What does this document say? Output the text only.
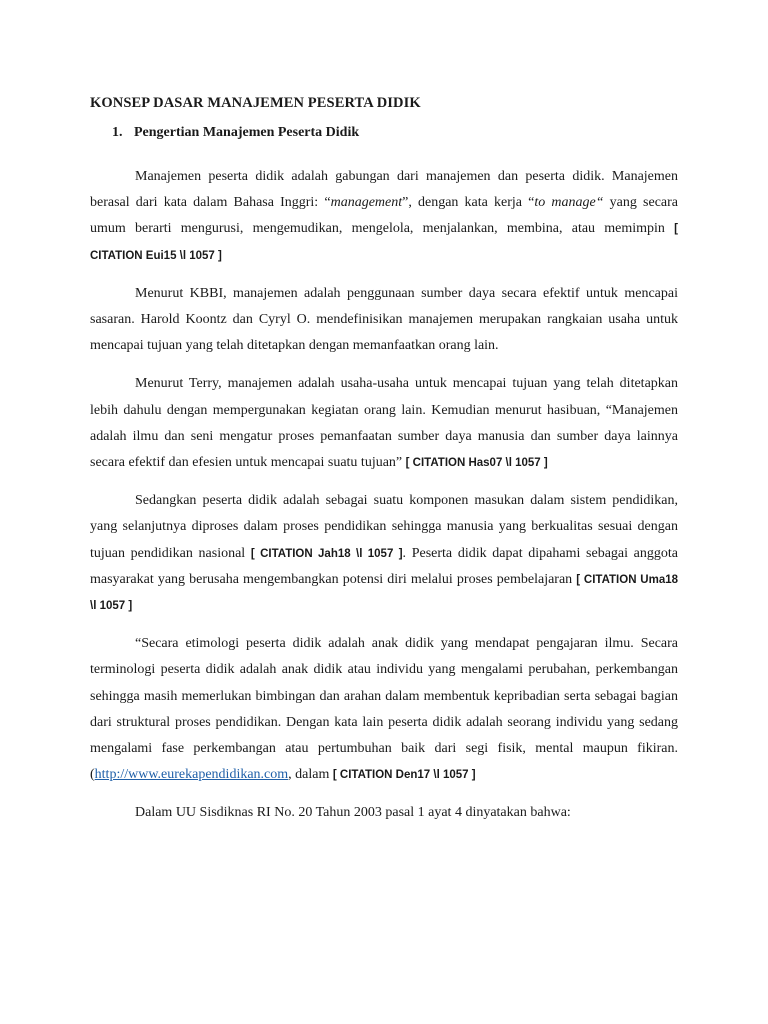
KONSEP DASAR MANAJEMEN PESERTA DIDIK
1. Pengertian Manajemen Peserta Didik

Manajemen peserta didik adalah gabungan dari manajemen dan peserta didik. Manajemen berasal dari kata dalam Bahasa Inggri: “management”, dengan kata kerja “to manage“ yang secara umum berarti mengurusi, mengemudikan, mengelola, menjalankan, membina, atau memimpin [ CITATION Eui15 \l 1057 ]

Menurut KBBI, manajemen adalah penggunaan sumber daya secara efektif untuk mencapai sasaran. Harold Koontz dan Cyryl O. mendefinisikan manajemen merupakan rangkaian usaha untuk mencapai tujuan yang telah ditetapkan dengan memanfaatkan orang lain.

Menurut Terry, manajemen adalah usaha-usaha untuk mencapai tujuan yang telah ditetapkan lebih dahulu dengan mempergunakan kegiatan orang lain. Kemudian menurut hasibuan, “Manajemen adalah ilmu dan seni mengatur proses pemanfaatan sumber daya manusia dan sumber daya lainnya secara efektif dan efesien untuk mencapai suatu tujuan” [ CITATION Has07 \l 1057 ]

Sedangkan peserta didik adalah sebagai suatu komponen masukan dalam sistem pendidikan, yang selanjutnya diproses dalam proses pendidikan sehingga manusia yang berkualitas sesuai dengan tujuan pendidikan nasional [ CITATION Jah18 \l 1057 ]. Peserta didik dapat dipahami sebagai anggota masyarakat yang berusaha mengembangkan potensi diri melalui proses pembelajaran [ CITATION Uma18 \l 1057 ]

“Secara etimologi peserta didik adalah anak didik yang mendapat pengajaran ilmu. Secara terminologi peserta didik adalah anak didik atau individu yang mengalami perubahan, perkembangan sehingga masih memerlukan bimbingan dan arahan dalam membentuk kepribadian serta sebagai bagian dari struktural proses pendidikan. Dengan kata lain peserta didik adalah seorang individu yang sedang mengalami fase perkembangan atau pertumbuhan baik dari segi fisik, mental maupun fikiran. (http://www.eurekapendidikan.com, dalam [ CITATION Den17 \l 1057 ]

Dalam UU Sisdiknas RI No. 20 Tahun 2003 pasal 1 ayat 4 dinyatakan bahwa:
